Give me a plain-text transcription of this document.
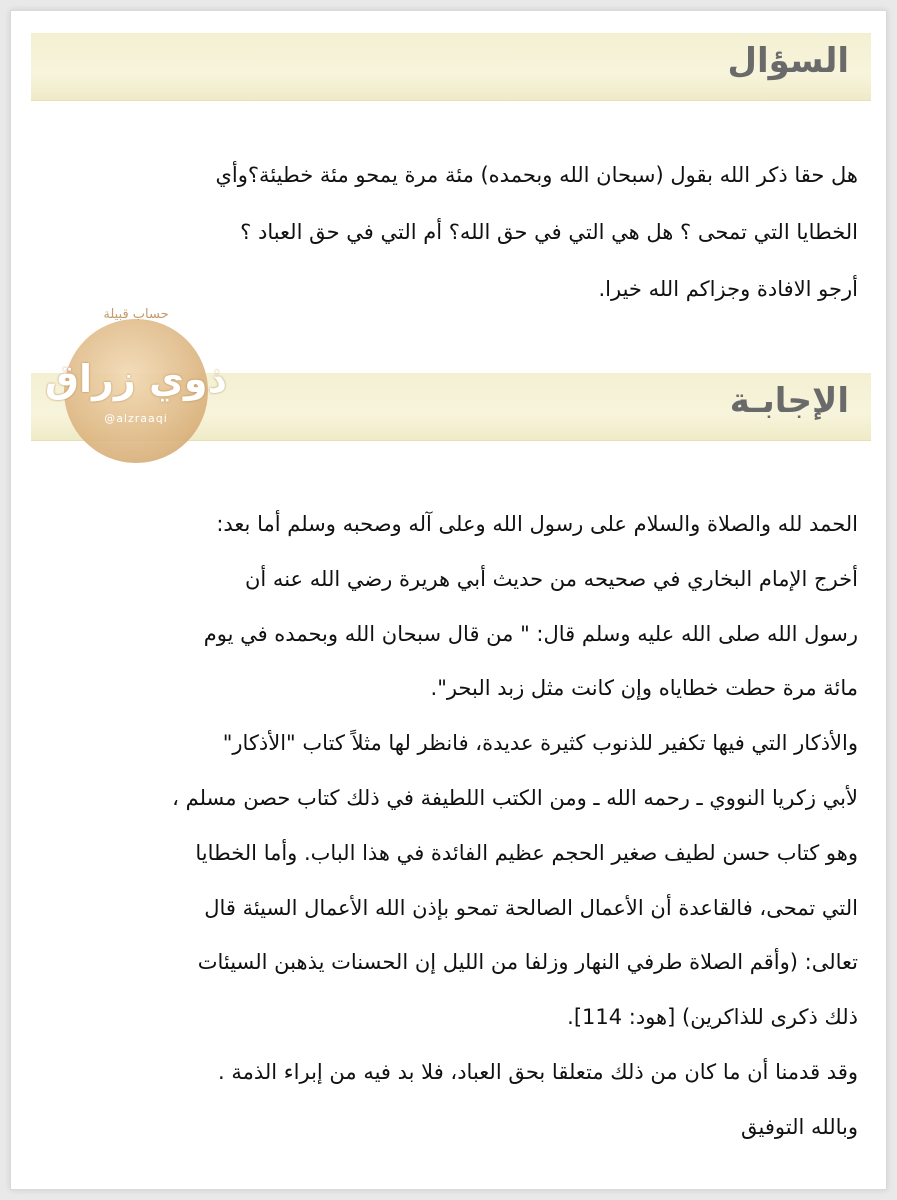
السؤال
هل حقا ذكر الله بقول (سبحان الله وبحمده) مئة مرة يمحو مئة خطيئة؟وأي
الخطايا التي تمحى ؟ هل هي التي في حق الله؟ أم التي في حق العباد ؟
أرجو الافادة وجزاكم الله خيرا.
الإجابـة
حساب قبيلة
ذوي زراق
@alzraaqi
الحمد لله والصلاة والسلام على رسول الله وعلى آله وصحبه وسلم أما بعد:
أخرج الإمام البخاري في صحيحه من حديث أبي هريرة رضي الله عنه أن
رسول الله صلى الله عليه وسلم قال: " من قال سبحان الله وبحمده في يوم
مائة مرة حطت خطاياه وإن كانت مثل زبد البحر".
والأذكار التي فيها تكفير للذنوب كثيرة عديدة، فانظر لها مثلاً كتاب "الأذكار"
لأبي زكريا النووي ـ رحمه الله ـ ومن الكتب اللطيفة في ذلك كتاب حصن مسلم ،
وهو كتاب حسن لطيف صغير الحجم عظيم الفائدة في هذا الباب. وأما الخطايا
التي تمحى، فالقاعدة أن الأعمال الصالحة تمحو بإذن الله الأعمال السيئة قال
تعالى: (وأقم الصلاة طرفي النهار وزلفا من الليل إن الحسنات يذهبن السيئات
ذلك ذكرى للذاكرين) [هود: 114].
وقد قدمنا أن ما كان من ذلك متعلقا بحق العباد، فلا بد فيه من إبراء الذمة .
وبالله التوفيق
